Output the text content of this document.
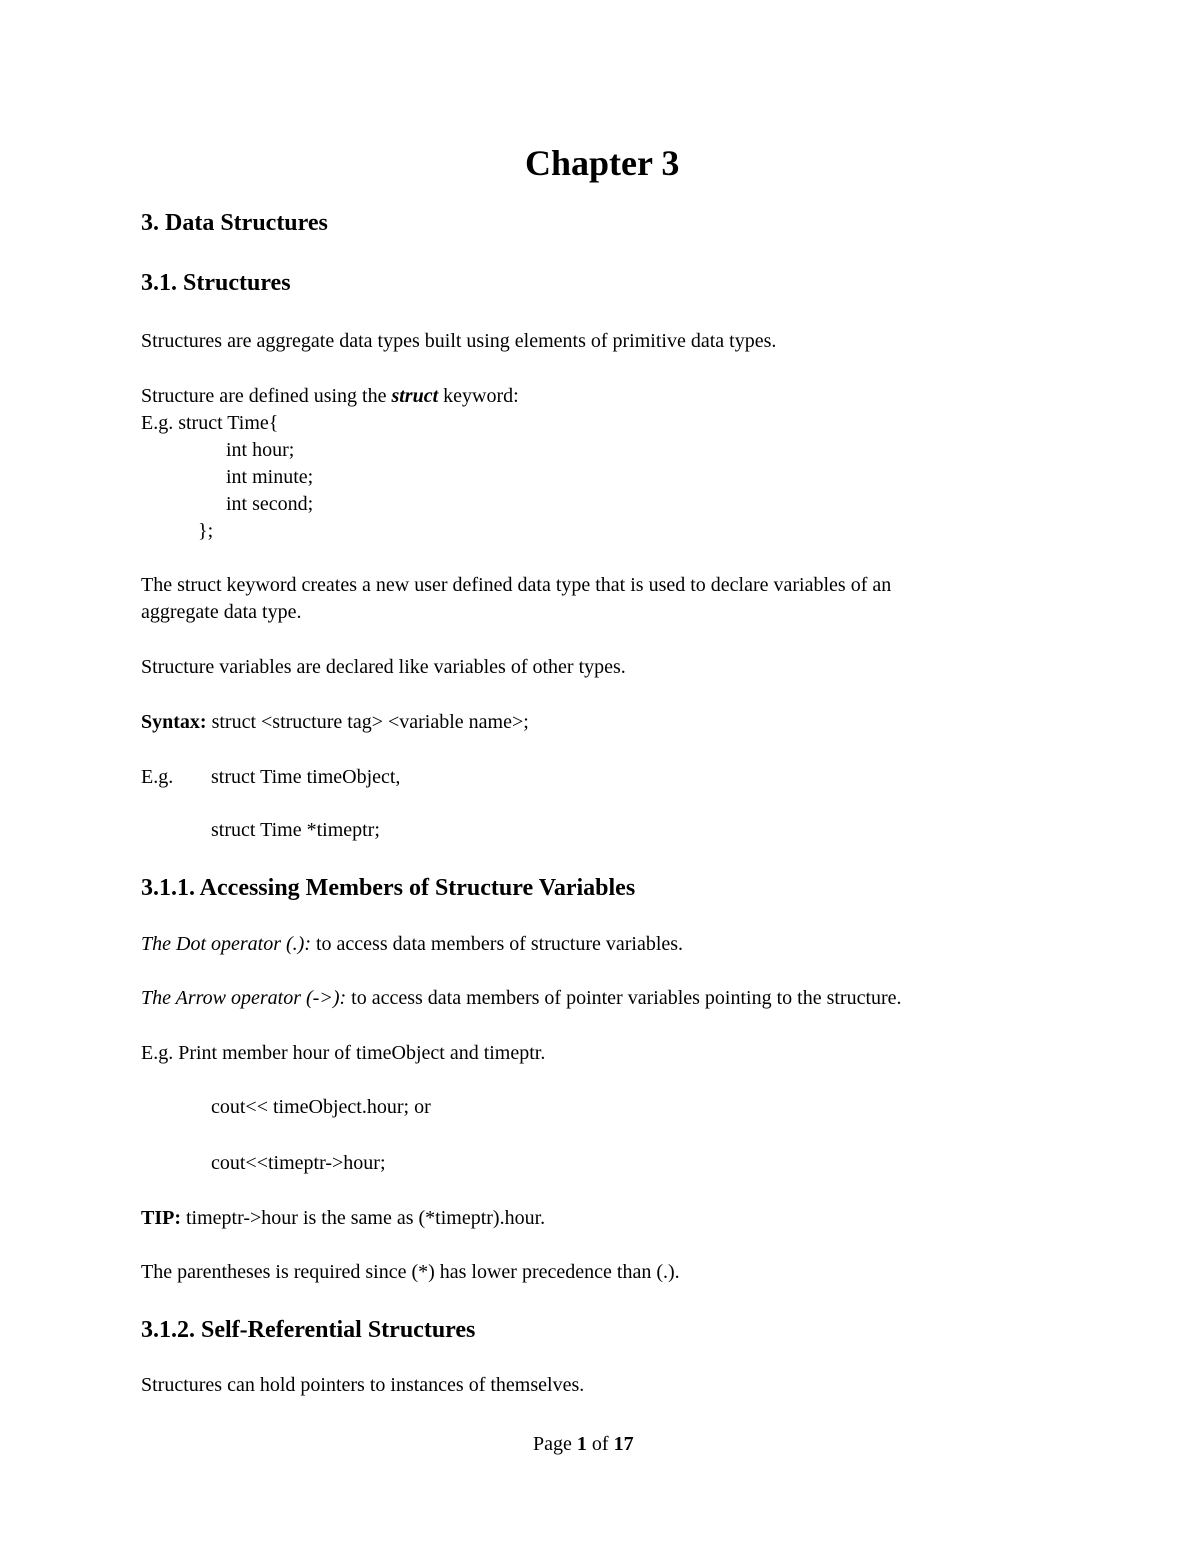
Chapter 3
3. Data Structures
3.1. Structures
Structures are aggregate data types built using elements of primitive data types.
Structure are defined using the struct keyword:
E.g. struct Time{
int hour;
int minute;
int second;
};
The struct keyword creates a new user defined data type that is used to declare variables of an
aggregate data type.
Structure variables are declared like variables of other types.
Syntax: struct <structure tag> <variable name>;
E.g. struct Time timeObject,
struct Time *timeptr;
3.1.1. Accessing Members of Structure Variables
The Dot operator (.): to access data members of structure variables.
The Arrow operator (->): to access data members of pointer variables pointing to the structure.
E.g. Print member hour of timeObject and timeptr.
cout<< timeObject.hour; or
cout<<timeptr->hour;
TIP: timeptr->hour is the same as (*timeptr).hour.
The parentheses is required since (*) has lower precedence than (.).
3.1.2. Self-Referential Structures
Structures can hold pointers to instances of themselves.
Page 1 of 17
